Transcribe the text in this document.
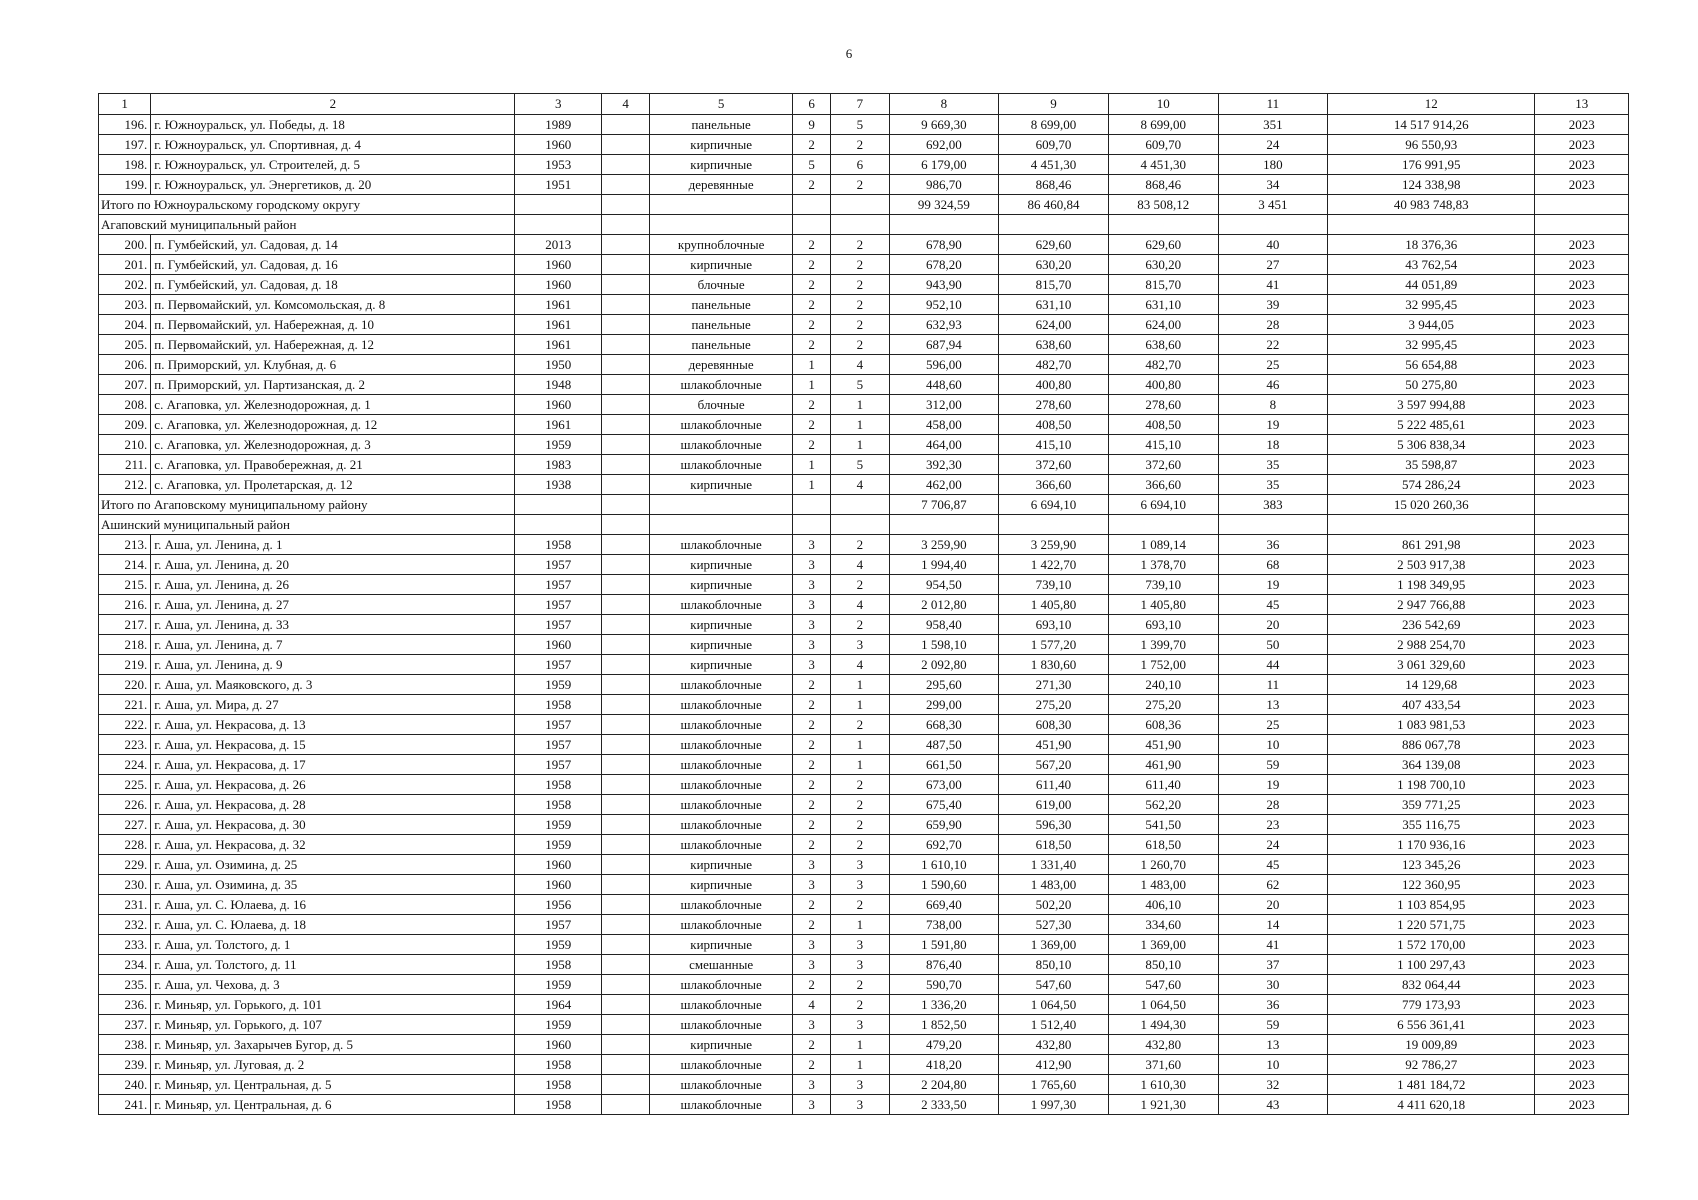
6
1	2	3	4	5	6	7	8	9	10	11	12	13
196.	г. Южноуральск, ул. Победы, д. 18	1989		панельные	9	5	9 669,30	8 699,00	8 699,00	351	14 517 914,26	2023
197.	г. Южноуральск, ул. Спортивная, д. 4	1960		кирпичные	2	2	692,00	609,70	609,70	24	96 550,93	2023
198.	г. Южноуральск, ул. Строителей, д. 5	1953		кирпичные	5	6	6 179,00	4 451,30	4 451,30	180	176 991,95	2023
199.	г. Южноуральск, ул. Энергетиков, д. 20	1951		деревянные	2	2	986,70	868,46	868,46	34	124 338,98	2023
Итого по Южноуральскому городскому округу							99 324,59	86 460,84	83 508,12	3 451	40 983 748,83	
Агаповский муниципальный район												
200.	п. Гумбейский, ул. Садовая, д. 14	2013		крупноблочные	2	2	678,90	629,60	629,60	40	18 376,36	2023
201.	п. Гумбейский, ул. Садовая, д. 16	1960		кирпичные	2	2	678,20	630,20	630,20	27	43 762,54	2023
202.	п. Гумбейский, ул. Садовая, д. 18	1960		блочные	2	2	943,90	815,70	815,70	41	44 051,89	2023
203.	п. Первомайский, ул. Комсомольская, д. 8	1961		панельные	2	2	952,10	631,10	631,10	39	32 995,45	2023
204.	п. Первомайский, ул. Набережная, д. 10	1961		панельные	2	2	632,93	624,00	624,00	28	3 944,05	2023
205.	п. Первомайский, ул. Набережная, д. 12	1961		панельные	2	2	687,94	638,60	638,60	22	32 995,45	2023
206.	п. Приморский, ул. Клубная, д. 6	1950		деревянные	1	4	596,00	482,70	482,70	25	56 654,88	2023
207.	п. Приморский, ул. Партизанская, д. 2	1948		шлакоблочные	1	5	448,60	400,80	400,80	46	50 275,80	2023
208.	с. Агаповка, ул. Железнодорожная, д. 1	1960		блочные	2	1	312,00	278,60	278,60	8	3 597 994,88	2023
209.	с. Агаповка, ул. Железнодорожная, д. 12	1961		шлакоблочные	2	1	458,00	408,50	408,50	19	5 222 485,61	2023
210.	с. Агаповка, ул. Железнодорожная, д. 3	1959		шлакоблочные	2	1	464,00	415,10	415,10	18	5 306 838,34	2023
211.	с. Агаповка, ул. Правобережная, д. 21	1983		шлакоблочные	1	5	392,30	372,60	372,60	35	35 598,87	2023
212.	с. Агаповка, ул. Пролетарская, д. 12	1938		кирпичные	1	4	462,00	366,60	366,60	35	574 286,24	2023
Итого по Агаповскому муниципальному району							7 706,87	6 694,10	6 694,10	383	15 020 260,36	
Ашинский муниципальный район												
213.	г. Аша, ул. Ленина, д. 1	1958		шлакоблочные	3	2	3 259,90	3 259,90	1 089,14	36	861 291,98	2023
214.	г. Аша, ул. Ленина, д. 20	1957		кирпичные	3	4	1 994,40	1 422,70	1 378,70	68	2 503 917,38	2023
215.	г. Аша, ул. Ленина, д. 26	1957		кирпичные	3	2	954,50	739,10	739,10	19	1 198 349,95	2023
216.	г. Аша, ул. Ленина, д. 27	1957		шлакоблочные	3	4	2 012,80	1 405,80	1 405,80	45	2 947 766,88	2023
217.	г. Аша, ул. Ленина, д. 33	1957		кирпичные	3	2	958,40	693,10	693,10	20	236 542,69	2023
218.	г. Аша, ул. Ленина, д. 7	1960		кирпичные	3	3	1 598,10	1 577,20	1 399,70	50	2 988 254,70	2023
219.	г. Аша, ул. Ленина, д. 9	1957		кирпичные	3	4	2 092,80	1 830,60	1 752,00	44	3 061 329,60	2023
220.	г. Аша, ул. Маяковского, д. 3	1959		шлакоблочные	2	1	295,60	271,30	240,10	11	14 129,68	2023
221.	г. Аша, ул. Мира, д. 27	1958		шлакоблочные	2	1	299,00	275,20	275,20	13	407 433,54	2023
222.	г. Аша, ул. Некрасова, д. 13	1957		шлакоблочные	2	2	668,30	608,30	608,36	25	1 083 981,53	2023
223.	г. Аша, ул. Некрасова, д. 15	1957		шлакоблочные	2	1	487,50	451,90	451,90	10	886 067,78	2023
224.	г. Аша, ул. Некрасова, д. 17	1957		шлакоблочные	2	1	661,50	567,20	461,90	59	364 139,08	2023
225.	г. Аша, ул. Некрасова, д. 26	1958		шлакоблочные	2	2	673,00	611,40	611,40	19	1 198 700,10	2023
226.	г. Аша, ул. Некрасова, д. 28	1958		шлакоблочные	2	2	675,40	619,00	562,20	28	359 771,25	2023
227.	г. Аша, ул. Некрасова, д. 30	1959		шлакоблочные	2	2	659,90	596,30	541,50	23	355 116,75	2023
228.	г. Аша, ул. Некрасова, д. 32	1959		шлакоблочные	2	2	692,70	618,50	618,50	24	1 170 936,16	2023
229.	г. Аша, ул. Озимина, д. 25	1960		кирпичные	3	3	1 610,10	1 331,40	1 260,70	45	123 345,26	2023
230.	г. Аша, ул. Озимина, д. 35	1960		кирпичные	3	3	1 590,60	1 483,00	1 483,00	62	122 360,95	2023
231.	г. Аша, ул. С. Юлаева, д. 16	1956		шлакоблочные	2	2	669,40	502,20	406,10	20	1 103 854,95	2023
232.	г. Аша, ул. С. Юлаева, д. 18	1957		шлакоблочные	2	1	738,00	527,30	334,60	14	1 220 571,75	2023
233.	г. Аша, ул. Толстого, д. 1	1959		кирпичные	3	3	1 591,80	1 369,00	1 369,00	41	1 572 170,00	2023
234.	г. Аша, ул. Толстого, д. 11	1958		смешанные	3	3	876,40	850,10	850,10	37	1 100 297,43	2023
235.	г. Аша, ул. Чехова, д. 3	1959		шлакоблочные	2	2	590,70	547,60	547,60	30	832 064,44	2023
236.	г. Миньяр, ул. Горького, д. 101	1964		шлакоблочные	4	2	1 336,20	1 064,50	1 064,50	36	779 173,93	2023
237.	г. Миньяр, ул. Горького, д. 107	1959		шлакоблочные	3	3	1 852,50	1 512,40	1 494,30	59	6 556 361,41	2023
238.	г. Миньяр, ул. Захарычев Бугор, д. 5	1960		кирпичные	2	1	479,20	432,80	432,80	13	19 009,89	2023
239.	г. Миньяр, ул. Луговая, д. 2	1958		шлакоблочные	2	1	418,20	412,90	371,60	10	92 786,27	2023
240.	г. Миньяр, ул. Центральная, д. 5	1958		шлакоблочные	3	3	2 204,80	1 765,60	1 610,30	32	1 481 184,72	2023
241.	г. Миньяр, ул. Центральная, д. 6	1958		шлакоблочные	3	3	2 333,50	1 997,30	1 921,30	43	4 411 620,18	2023
